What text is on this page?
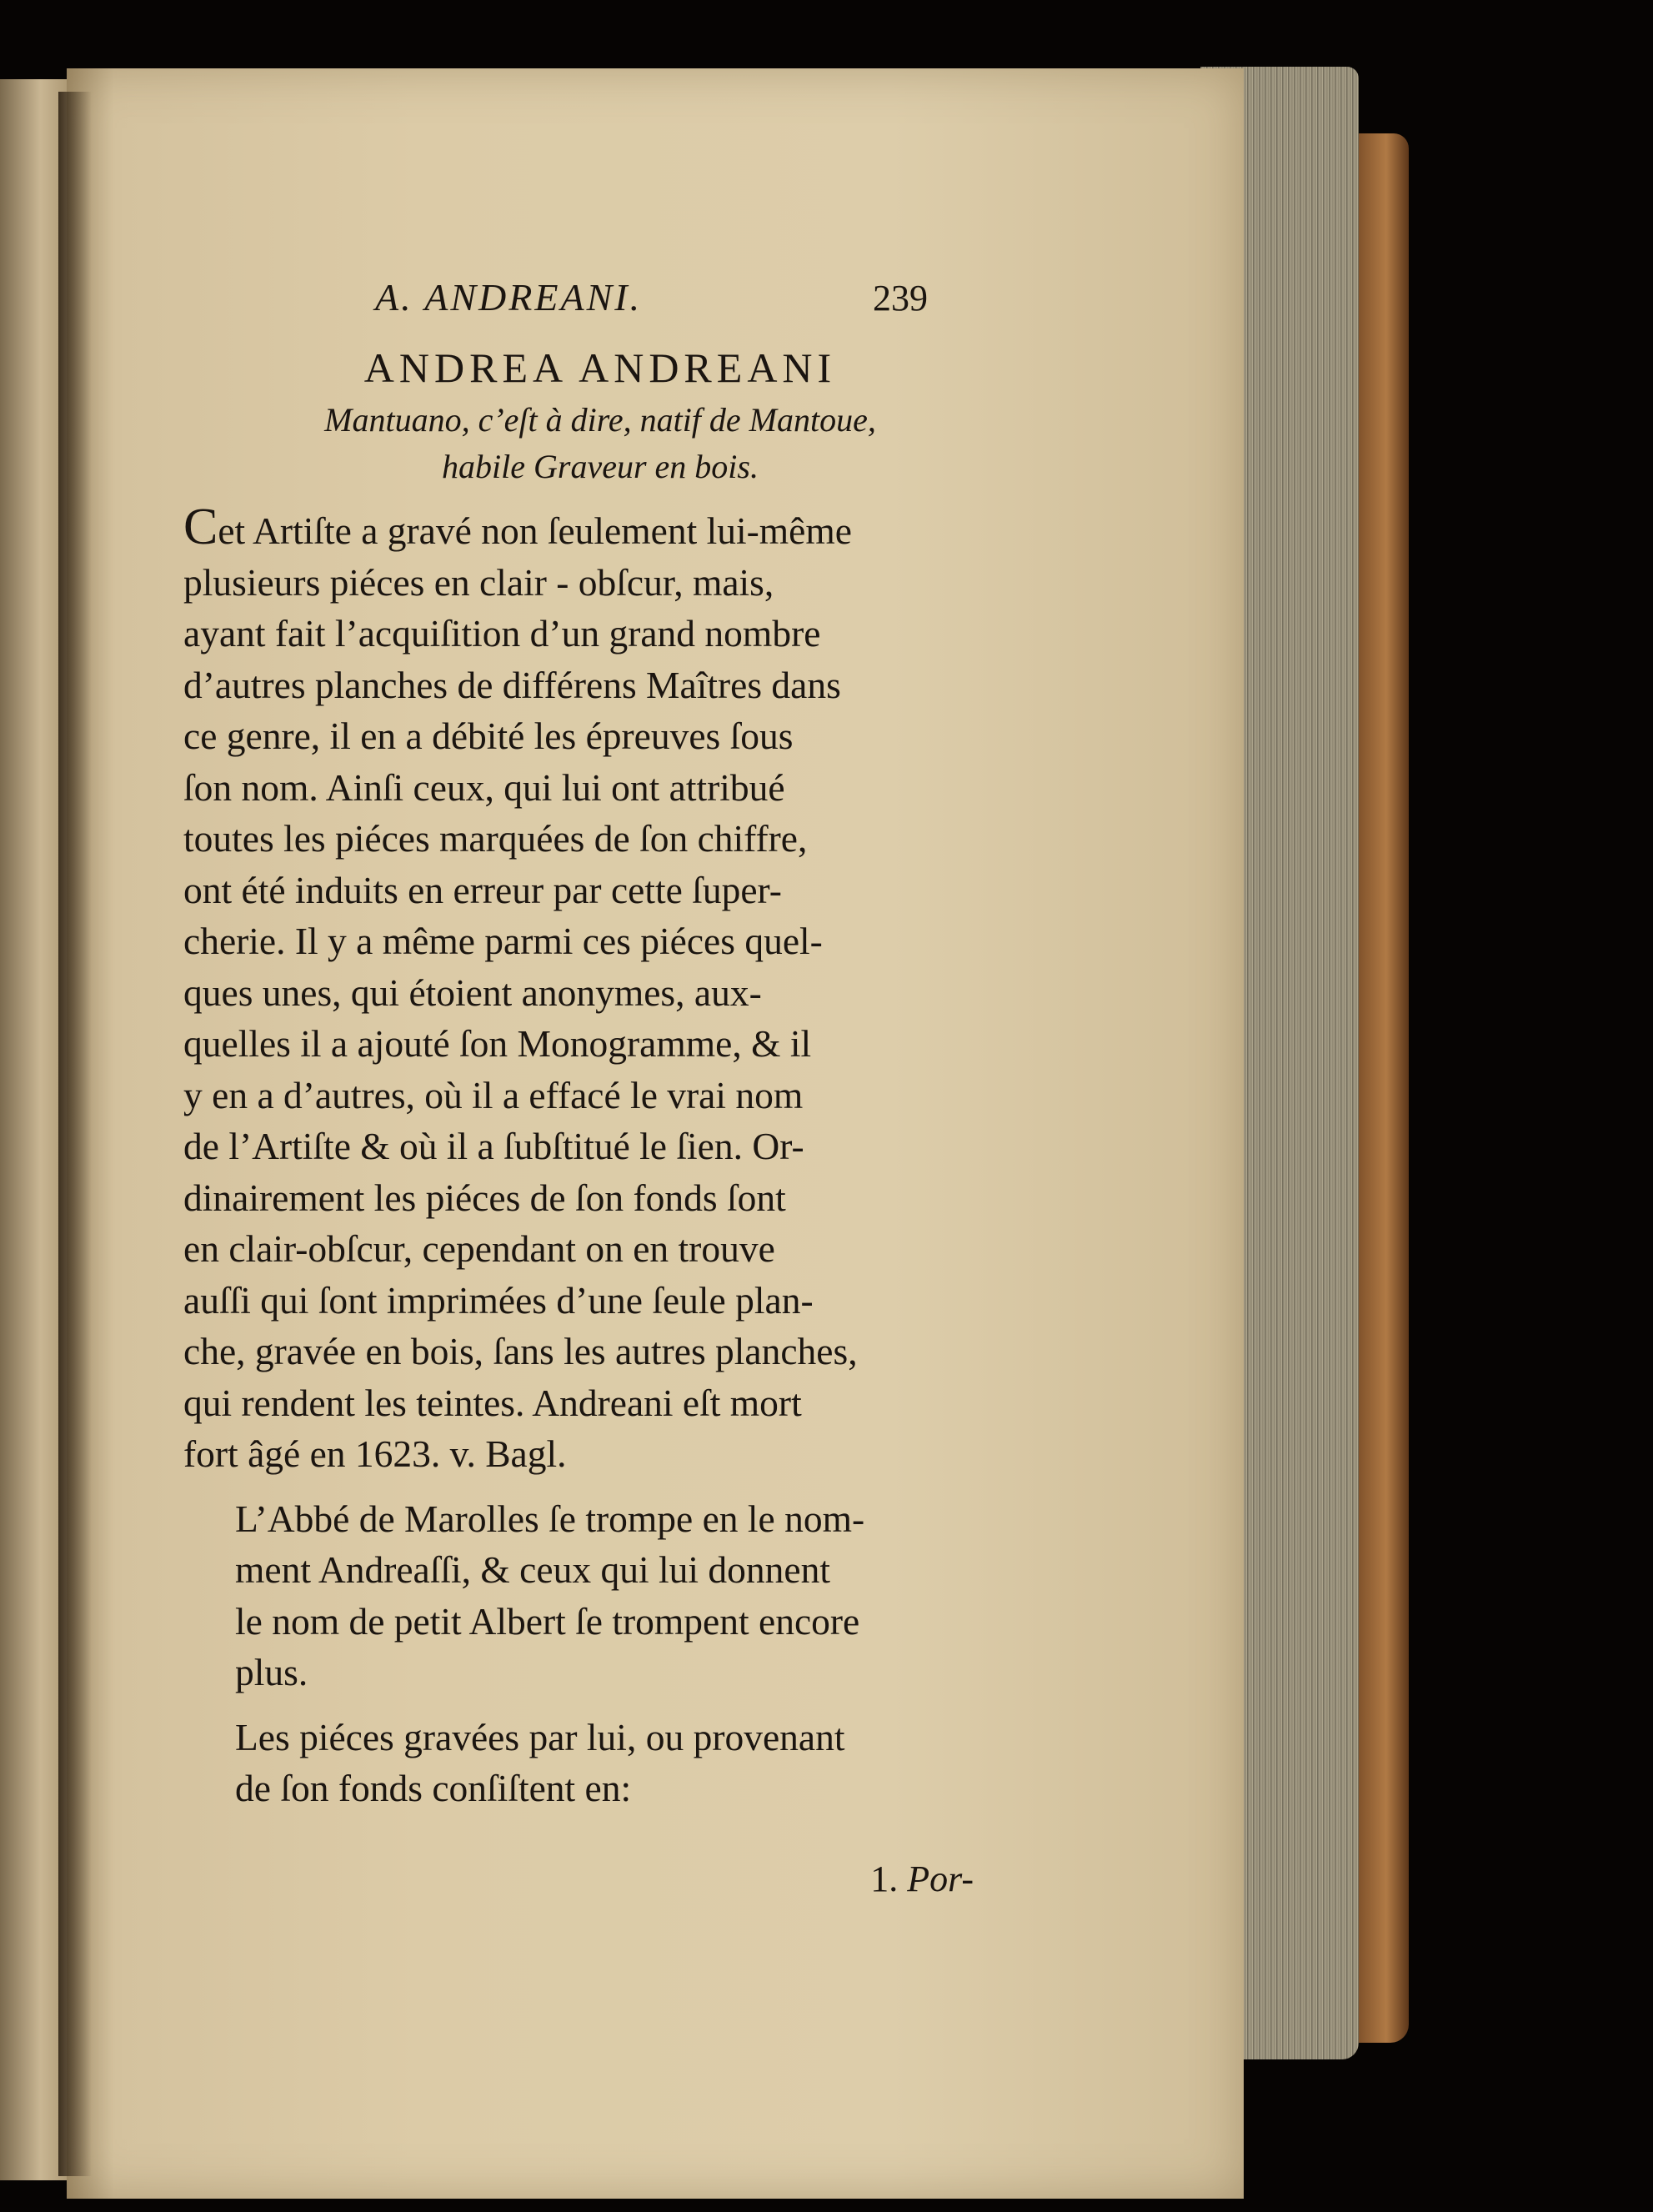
A. ANDREANI.	239
ANDREA ANDREANI
Mantuano, c’eſt à dire, natif de Mantoue,
habile Graveur en bois.
Cet Artiſte a gravé non ſeulement lui-même
plusieurs piéces en clair - obſcur, mais,
ayant fait l’acquiſition d’un grand nombre
d’autres planches de différens Maîtres dans
ce genre, il en a débité les épreuves ſous
ſon nom. Ainſi ceux, qui lui ont attribué
toutes les piéces marquées de ſon chiffre,
ont été induits en erreur par cette ſuper-
cherie. Il y a même parmi ces piéces quel-
ques unes, qui étoient anonymes, aux-
quelles il a ajouté ſon Monogramme, & il
y en a d’autres, où il a effacé le vrai nom
de l’Artiſte & où il a ſubſtitué le ſien. Or-
dinairement les piéces de ſon fonds ſont
en clair-obſcur, cependant on en trouve
auſſi qui ſont imprimées d’une ſeule plan-
che, gravée en bois, ſans les autres planches,
qui rendent les teintes. Andreani eſt mort
fort âgé en 1623. v. Bagl.
L’Abbé de Marolles ſe trompe en le nom-
ment Andreaſſi, & ceux qui lui donnent
le nom de petit Albert ſe trompent encore
plus.
Les piéces gravées par lui, ou provenant
de ſon fonds conſiſtent en:
1. Por-
